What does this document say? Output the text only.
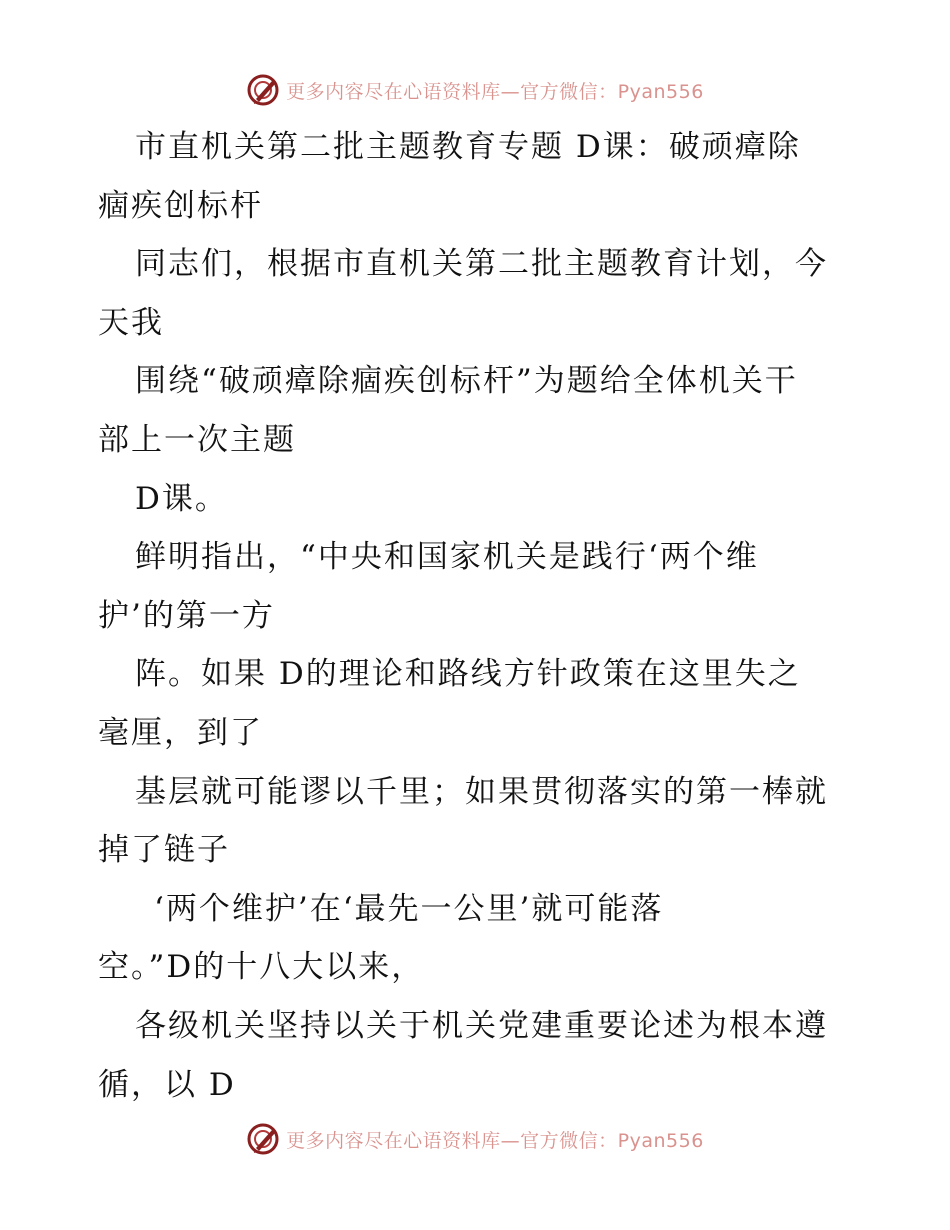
更多内容尽在心语资料库—官方微信：Pyan556
市直机关第二批主题教育专题 D课：破顽瘴除
痼疾创标杆
同志们，根据市直机关第二批主题教育计划，今
天我
围绕“破顽瘴除痼疾创标杆”为题给全体机关干
部上一次主题
D课。
鲜明指出，“中央和国家机关是践行‘两个维
护’的第一方
阵。如果 D的理论和路线方针政策在这里失之
毫厘，到了
基层就可能谬以千里；如果贯彻落实的第一棒就
掉了链子
‘两个维护’在‘最先一公里’就可能落
空。”D的十八大以来，
各级机关坚持以关于机关党建重要论述为根本遵
循，以 D
更多内容尽在心语资料库—官方微信：Pyan556
